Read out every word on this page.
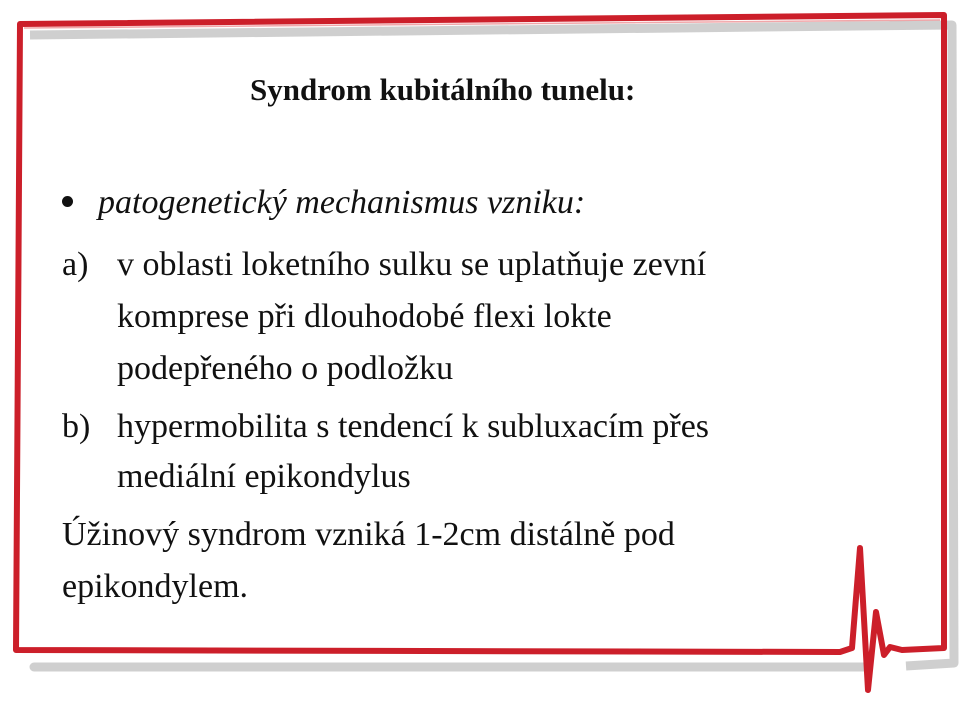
Syndrom kubitálního tunelu:
patogenetický mechanismus vzniku:
a) v oblasti loketního sulku se uplatňuje zevní
komprese při dlouhodobé flexi lokte
podepřeného o podložku
b) hypermobilita s tendencí k subluxacím přes
mediální epikondylus
Úžinový syndrom vzniká 1-2cm distálně pod
epikondylem.
